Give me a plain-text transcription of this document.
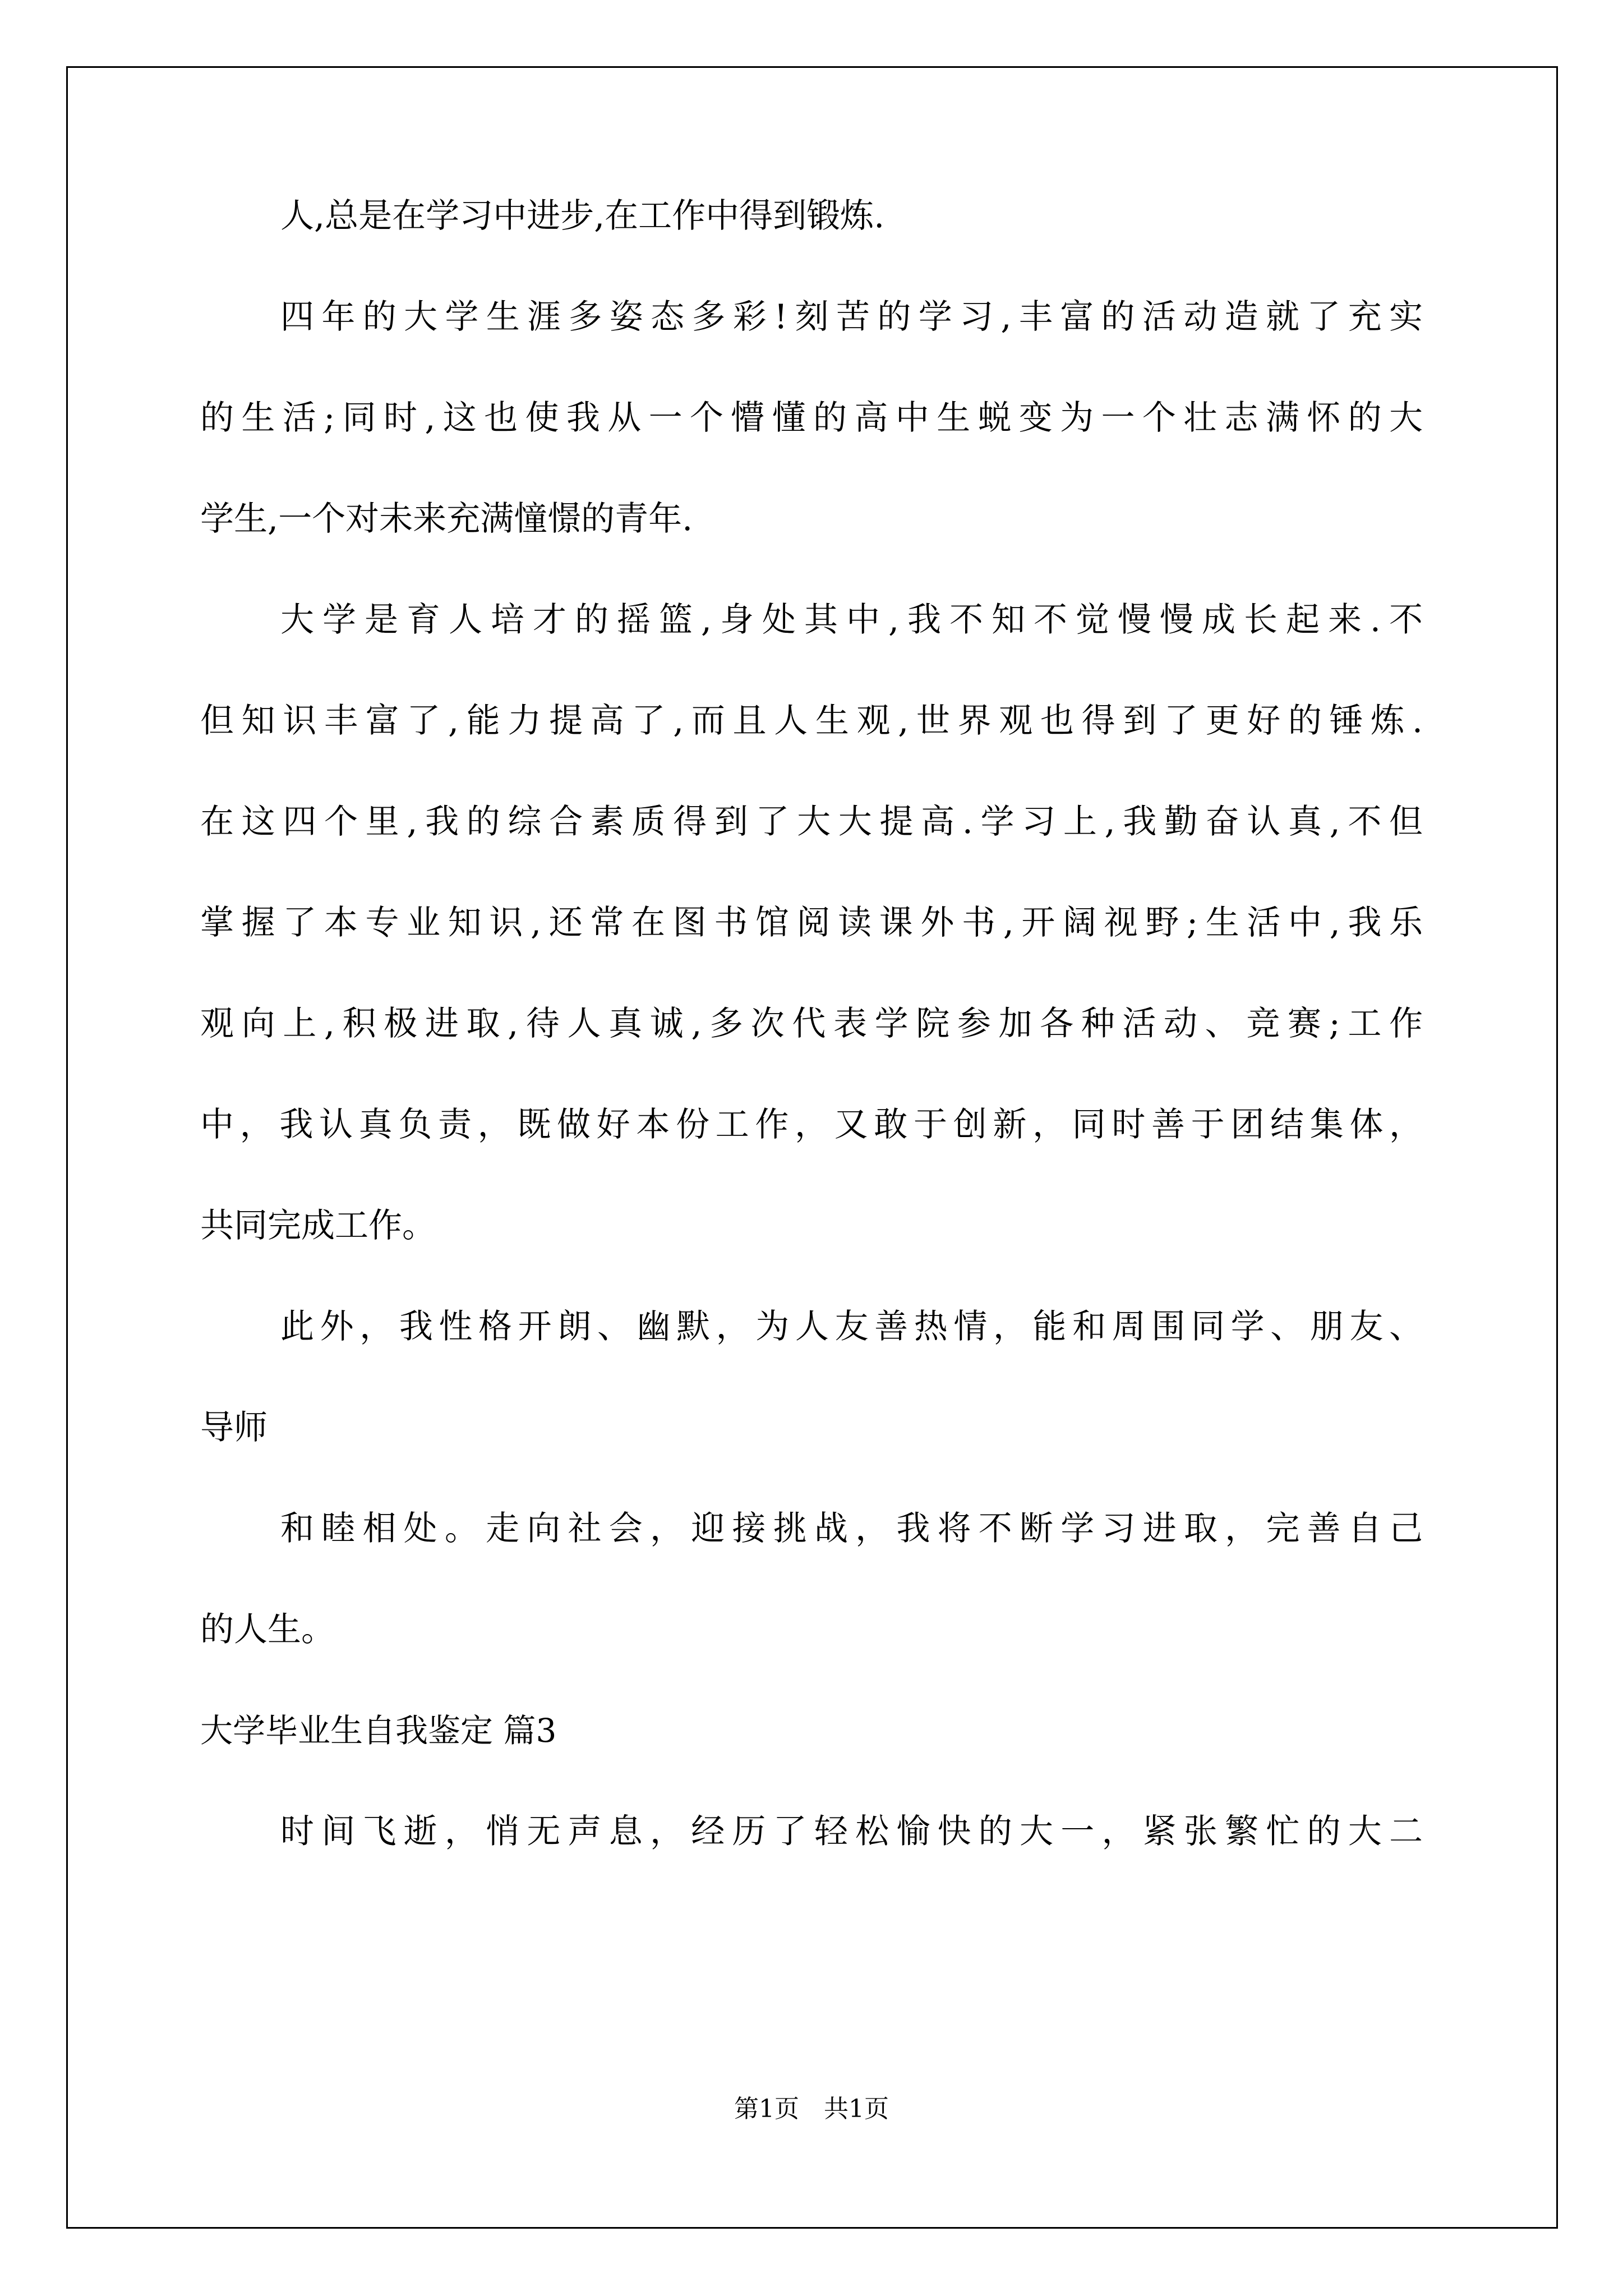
人,总是在学习中进步,在工作中得到锻炼.

四年的大学生涯多姿态多彩!刻苦的学习,丰富的活动造就了充实

的生活;同时,这也使我从一个懵懂的高中生蜕变为一个壮志满怀的大

学生,一个对未来充满憧憬的青年.

大学是育人培才的摇篮,身处其中,我不知不觉慢慢成长起来.不

但知识丰富了,能力提高了,而且人生观,世界观也得到了更好的锤炼.

在这四个里,我的综合素质得到了大大提高.学习上,我勤奋认真,不但

掌握了本专业知识,还常在图书馆阅读课外书,开阔视野;生活中,我乐

观向上,积极进取,待人真诚,多次代表学院参加各种活动、竞赛;工作

中，我认真负责，既做好本份工作，又敢于创新，同时善于团结集体，

共同完成工作。

此外，我性格开朗、幽默，为人友善热情，能和周围同学、朋友、

导师

和睦相处。走向社会，迎接挑战，我将不断学习进取，完善自己

的人生。

大学毕业生自我鉴定 篇3

时间飞逝，悄无声息，经历了轻松愉快的大一，紧张繁忙的大二

第1页　共1页
